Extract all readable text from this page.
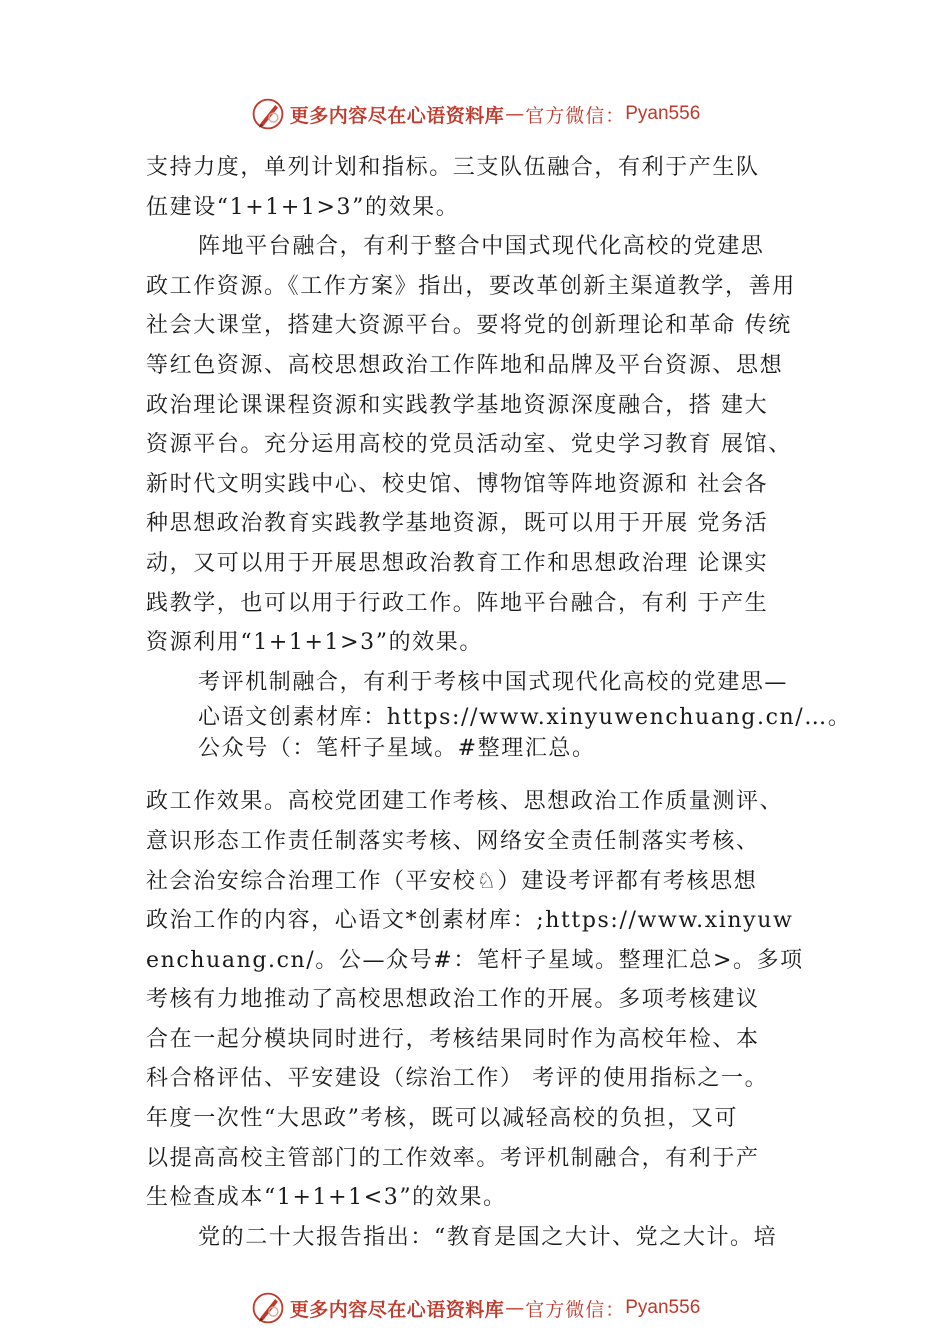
更多内容尽在心语资料库 — 官方微信： Pyan556
支持力度，单列计划和指标。三支队伍融合，有利于产生队
伍建设“1+1+1>3”的效果。
阵地平台融合，有利于整合中国式现代化高校的党建思
政工作资源。《工作方案》指出，要改革创新主渠道教学，善用
社会大课堂，搭建大资源平台。要将党的创新理论和革命 传统
等红色资源、高校思想政治工作阵地和品牌及平台资源、思想
政治理论课课程资源和实践教学基地资源深度融合，搭 建大
资源平台。充分运用高校的党员活动室、党史学习教育 展馆、
新时代文明实践中心、校史馆、博物馆等阵地资源和 社会各
种思想政治教育实践教学基地资源，既可以用于开展 党务活
动，又可以用于开展思想政治教育工作和思想政治理 论课实
践教学，也可以用于行政工作。阵地平台融合，有利 于产生
资源利用“1+1+1>3”的效果。
考评机制融合，有利于考核中国式现代化高校的党建思—
心语文创素材库：https://www.xinyuwenchuang.cn/…。
公众号（：笔杆子星域。#整理汇总。
政工作效果。高校党团建工作考核、思想政治工作质量测评、
意识形态工作责任制落实考核、网络安全责任制落实考核、
社会治安综合治理工作（平安校♘）建设考评都有考核思想
政治工作的内容，心语文*创素材库：;https://www.xinyuw
enchuang.cn/。公—众号#：笔杆子星域。整理汇总>。多项
考核有力地推动了高校思想政治工作的开展。多项考核建议
合在一起分模块同时进行，考核结果同时作为高校年检、本
科合格评估、平安建设（综治工作） 考评的使用指标之一。
年度一次性“大思政”考核，既可以减轻高校的负担，又可
以提高高校主管部门的工作效率。考评机制融合，有利于产
生检查成本“1+1+1<3”的效果。
党的二十大报告指出：“教育是国之大计、党之大计。培
更多内容尽在心语资料库 — 官方微信： Pyan556
